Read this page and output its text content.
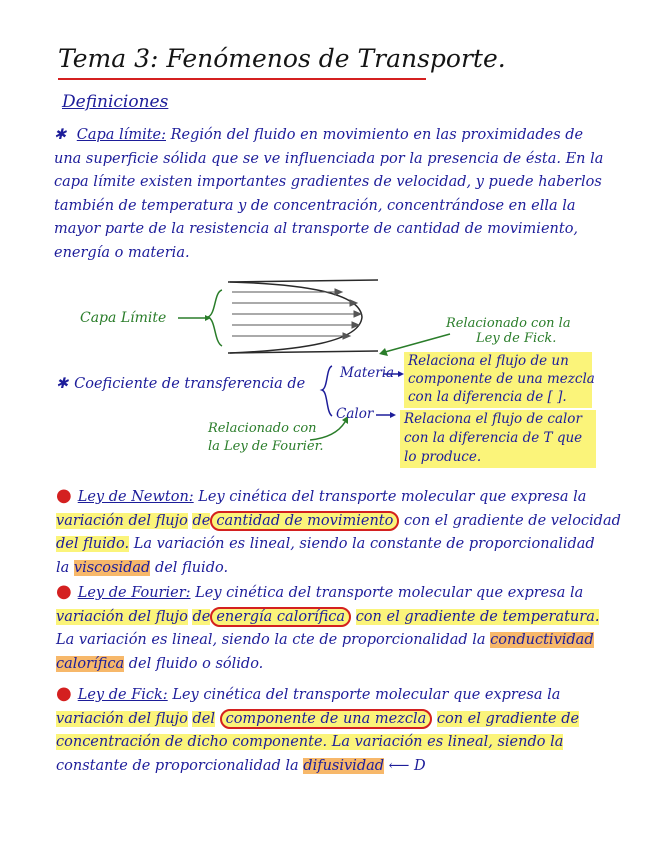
Tema 3: Fenómenos de Transporte.
Definiciones
✱ Capa límite: Región del fluido en movimiento en las proximidades de una superficie sólida que se ve influenciada por la presencia de ésta. En la capa límite existen importantes gradientes de velocidad, y puede haberlos también de temperatura y de concentración, concentrándose en ella la mayor parte de la resistencia al transporte de cantidad de movimiento, energía o materia.
Capa Límite	Relacionado con la
Ley de Fick.
✱ Coeficiente de transferencia de
Materia
Relaciona el flujo de un
componente de una mezcla
con la diferencia de [ ].
Calor Relaciona el flujo de calor
con la diferencia de T que
lo produce.
Relacionado con
la Ley de Fourier.
● Ley de Newton: Ley cinética del transporte molecular que expresa la
variación del flujo de cantidad de movimiento con el gradiente de velocidad
del fluido. La variación es lineal, siendo la constante de proporcionalidad
la viscosidad del fluido.
● Ley de Fourier: Ley cinética del transporte molecular que expresa la
variación del flujo de energía calorífica con el gradiente de temperatura.
La variación es lineal, siendo la cte de proporcionalidad la conductividad
calorífica del fluido o sólido.
● Ley de Fick: Ley cinética del transporte molecular que expresa la
variación del flujo del componente de una mezcla con el gradiente de
concentración de dicho componente. La variación es lineal, siendo la
constante de proporcionalidad la difusividad ⟵ D
